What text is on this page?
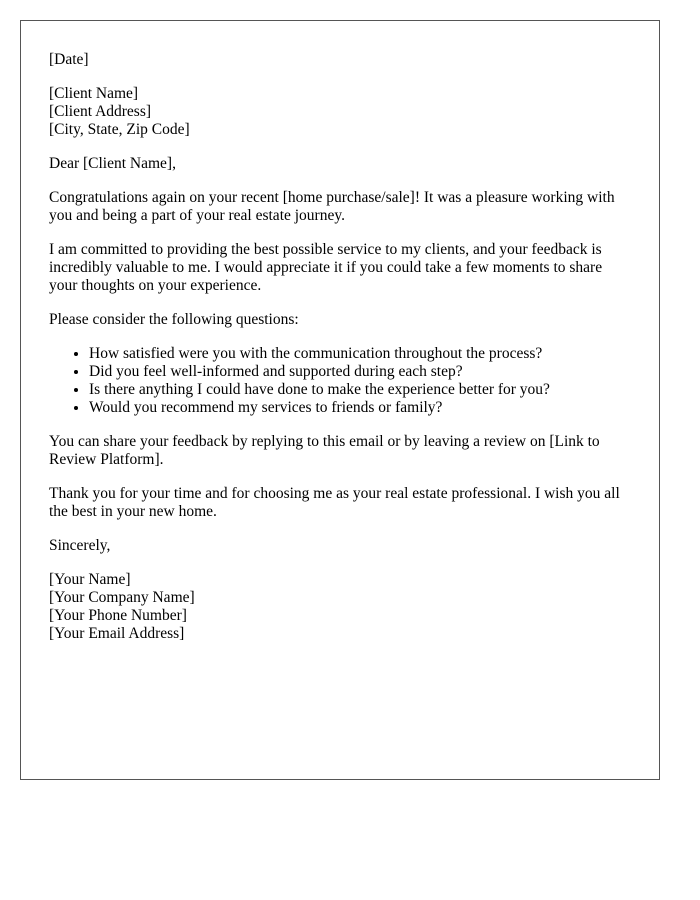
[Date]
[Client Name]
[Client Address]
[City, State, Zip Code]
Dear [Client Name],
Congratulations again on your recent [home purchase/sale]! It was a pleasure working with you and being a part of your real estate journey.
I am committed to providing the best possible service to my clients, and your feedback is incredibly valuable to me. I would appreciate it if you could take a few moments to share your thoughts on your experience.
Please consider the following questions:
• How satisfied were you with the communication throughout the process?
• Did you feel well-informed and supported during each step?
• Is there anything I could have done to make the experience better for you?
• Would you recommend my services to friends or family?
You can share your feedback by replying to this email or by leaving a review on [Link to Review Platform].
Thank you for your time and for choosing me as your real estate professional. I wish you all the best in your new home.
Sincerely,
[Your Name]
[Your Company Name]
[Your Phone Number]
[Your Email Address]
